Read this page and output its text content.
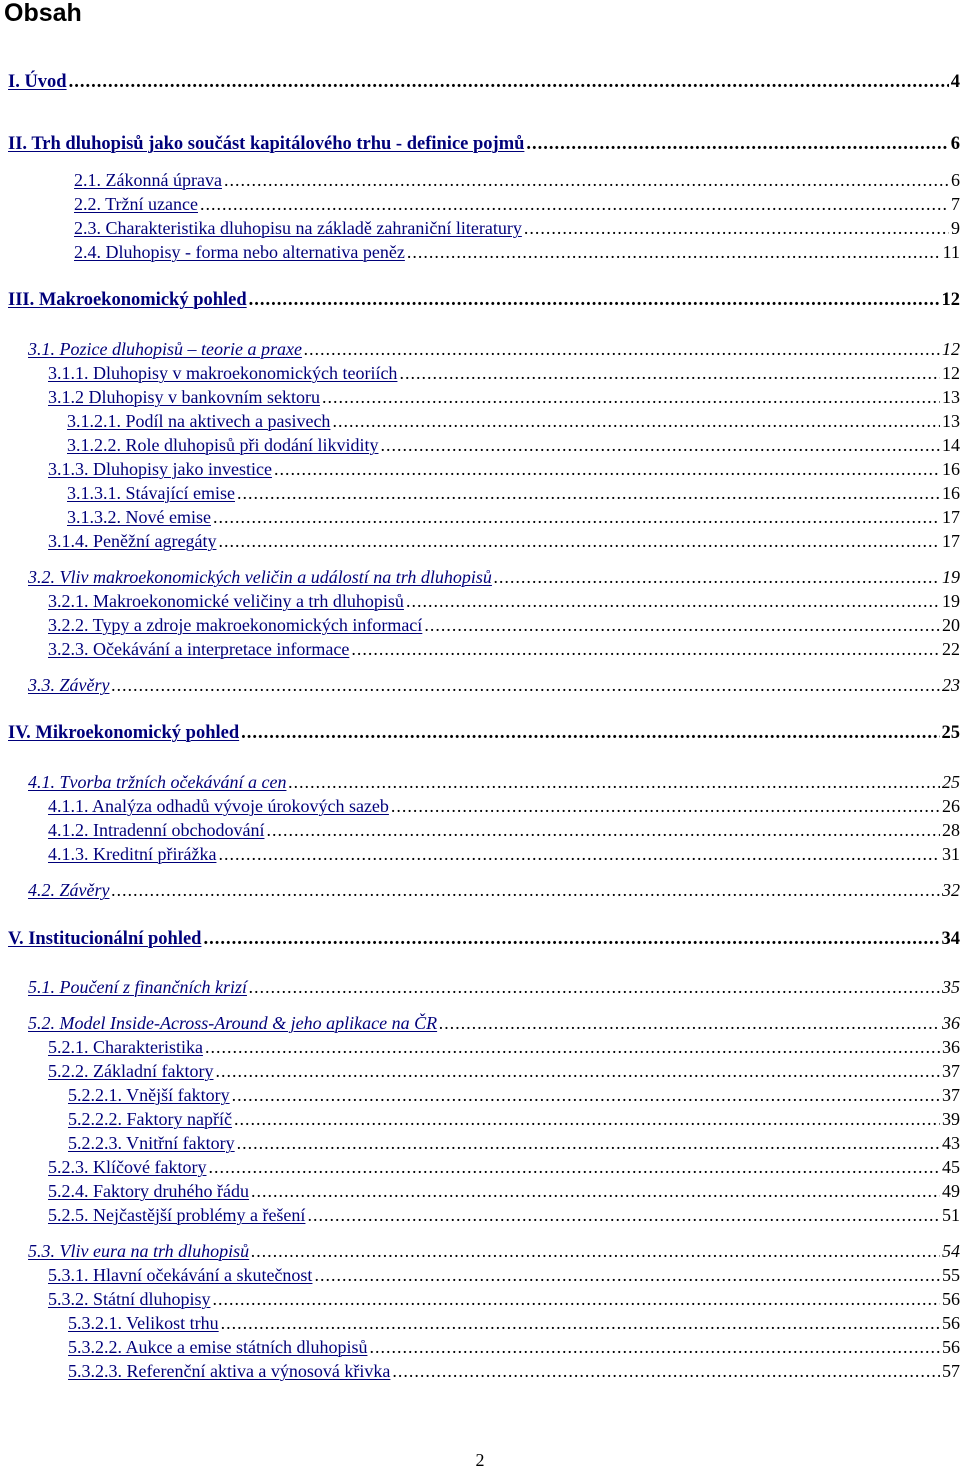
Obsah
I. Úvod .....	4
II. Trh dluhopisů jako součást kapitálového trhu - definice pojmů .....	6
2.1. Zákonná úprava .....	6
2.2. Tržní uzance .....	7
2.3. Charakteristika dluhopisu na základě zahraniční literatury .....	9
2.4. Dluhopisy - forma nebo alternativa peněz .....	11
III. Makroekonomický pohled .....	12
3.1. Pozice dluhopisů – teorie a praxe .....	12
3.1.1. Dluhopisy v makroekonomických teoriích .....	12
3.1.2 Dluhopisy v bankovním sektoru .....	13
3.1.2.1. Podíl na aktivech a pasivech .....	13
3.1.2.2. Role dluhopisů při dodání likvidity .....	14
3.1.3. Dluhopisy jako investice .....	16
3.1.3.1. Stávající emise .....	16
3.1.3.2. Nové emise .....	17
3.1.4. Peněžní agregáty .....	17
3.2. Vliv makroekonomických veličin a událostí na trh dluhopisů .....	19
3.2.1. Makroekonomické veličiny a trh dluhopisů .....	19
3.2.2. Typy a zdroje makroekonomických informací .....	20
3.2.3. Očekávání a interpretace informace .....	22
3.3. Závěry .....	23
IV. Mikroekonomický pohled .....	25
4.1. Tvorba tržních očekávání a cen .....	25
4.1.1. Analýza odhadů vývoje úrokových sazeb .....	26
4.1.2. Intradenní obchodování .....	28
4.1.3. Kreditní přirážka .....	31
4.2. Závěry .....	32
V. Institucionální pohled .....	34
5.1. Poučení z finančních krizí .....	35
5.2. Model Inside-Across-Around & jeho aplikace na ČR .....	36
5.2.1. Charakteristika .....	36
5.2.2. Základní faktory .....	37
5.2.2.1. Vnější faktory .....	37
5.2.2.2. Faktory napříč .....	39
5.2.2.3. Vnitřní faktory .....	43
5.2.3. Klíčové faktory .....	45
5.2.4. Faktory druhého řádu .....	49
5.2.5. Nejčastější problémy a řešení .....	51
5.3. Vliv eura na trh dluhopisů .....	54
5.3.1. Hlavní očekávání a skutečnost .....	55
5.3.2. Státní dluhopisy .....	56
5.3.2.1. Velikost trhu .....	56
5.3.2.2. Aukce a emise státních dluhopisů .....	56
5.3.2.3. Referenční aktiva a výnosová křivka .....	57
2
